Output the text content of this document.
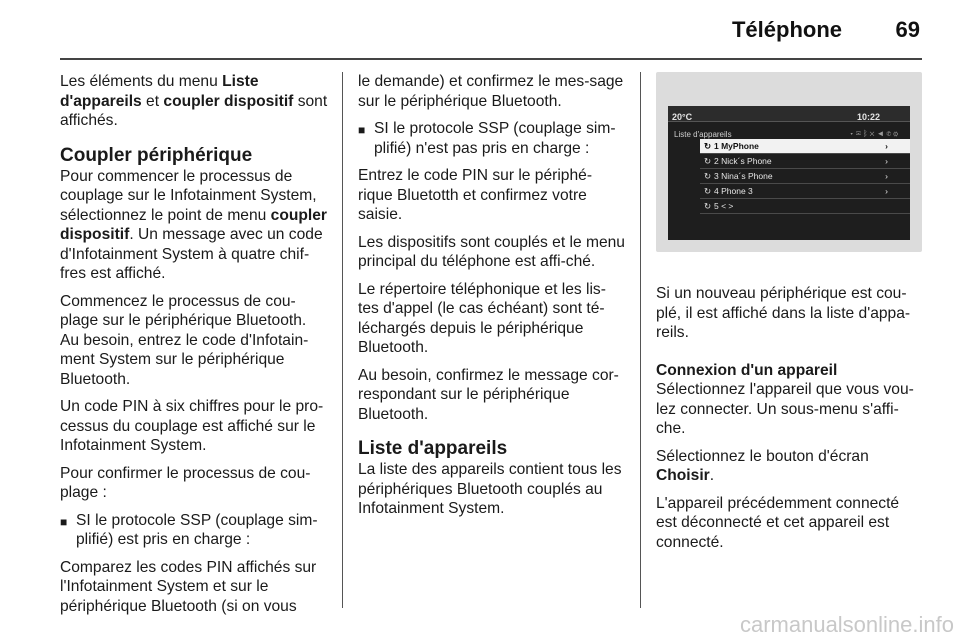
Téléphone 69

Les éléments du menu Liste d'appareils et coupler dispositif sont affichés.

Coupler périphérique

Pour commencer le processus de couplage sur le Infotainment System, sélectionnez le point de menu coupler dispositif. Un message avec un code d'Infotainment System à quatre chif-fres est affiché.

Commencez le processus de cou-plage sur le périphérique Bluetooth. Au besoin, entrez le code d'Infotain-ment System sur le périphérique Bluetooth.

Un code PIN à six chiffres pour le pro-cessus du couplage est affiché sur le Infotainment System.

Pour confirmer le processus de cou-plage :

■ SI le protocole SSP (couplage sim-plifié) est pris en charge :

Comparez les codes PIN affichés sur l'Infotainment System et sur le périphérique Bluetooth (si on vous

le demande) et confirmez le mes-sage sur le périphérique Bluetooth.

■ SI le protocole SSP (couplage sim-plifié) n'est pas pris en charge :

Entrez le code PIN sur le périphé-rique Bluetotth et confirmez votre saisie.

Les dispositifs sont couplés et le menu principal du téléphone est affi-ché.

Le répertoire téléphonique et les lis-tes d'appel (le cas échéant) sont té-léchargés depuis le périphérique Bluetooth.

Au besoin, confirmez le message cor-respondant sur le périphérique Bluetooth.

Liste d'appareils

La liste des appareils contient tous les périphériques Bluetooth couplés au Infotainment System.

20°C	10:22
Liste d'appareils	▾✉ᛒ✕◄✆⚙
↻ 1 MyPhone	›
↻ 2 Nick´s Phone	›
↻ 3 Nina´s Phone	›
↻ 4 Phone 3	›
↻ 5 < >

Si un nouveau périphérique est cou-plé, il est affiché dans la liste d'appa-reils.

Connexion d'un appareil

Sélectionnez l'appareil que vous vou-lez connecter. Un sous-menu s'affi-che.

Sélectionnez le bouton d'écran Choisir.

L'appareil précédemment connecté est déconnecté et cet appareil est connecté.

carmanualsonline.info
